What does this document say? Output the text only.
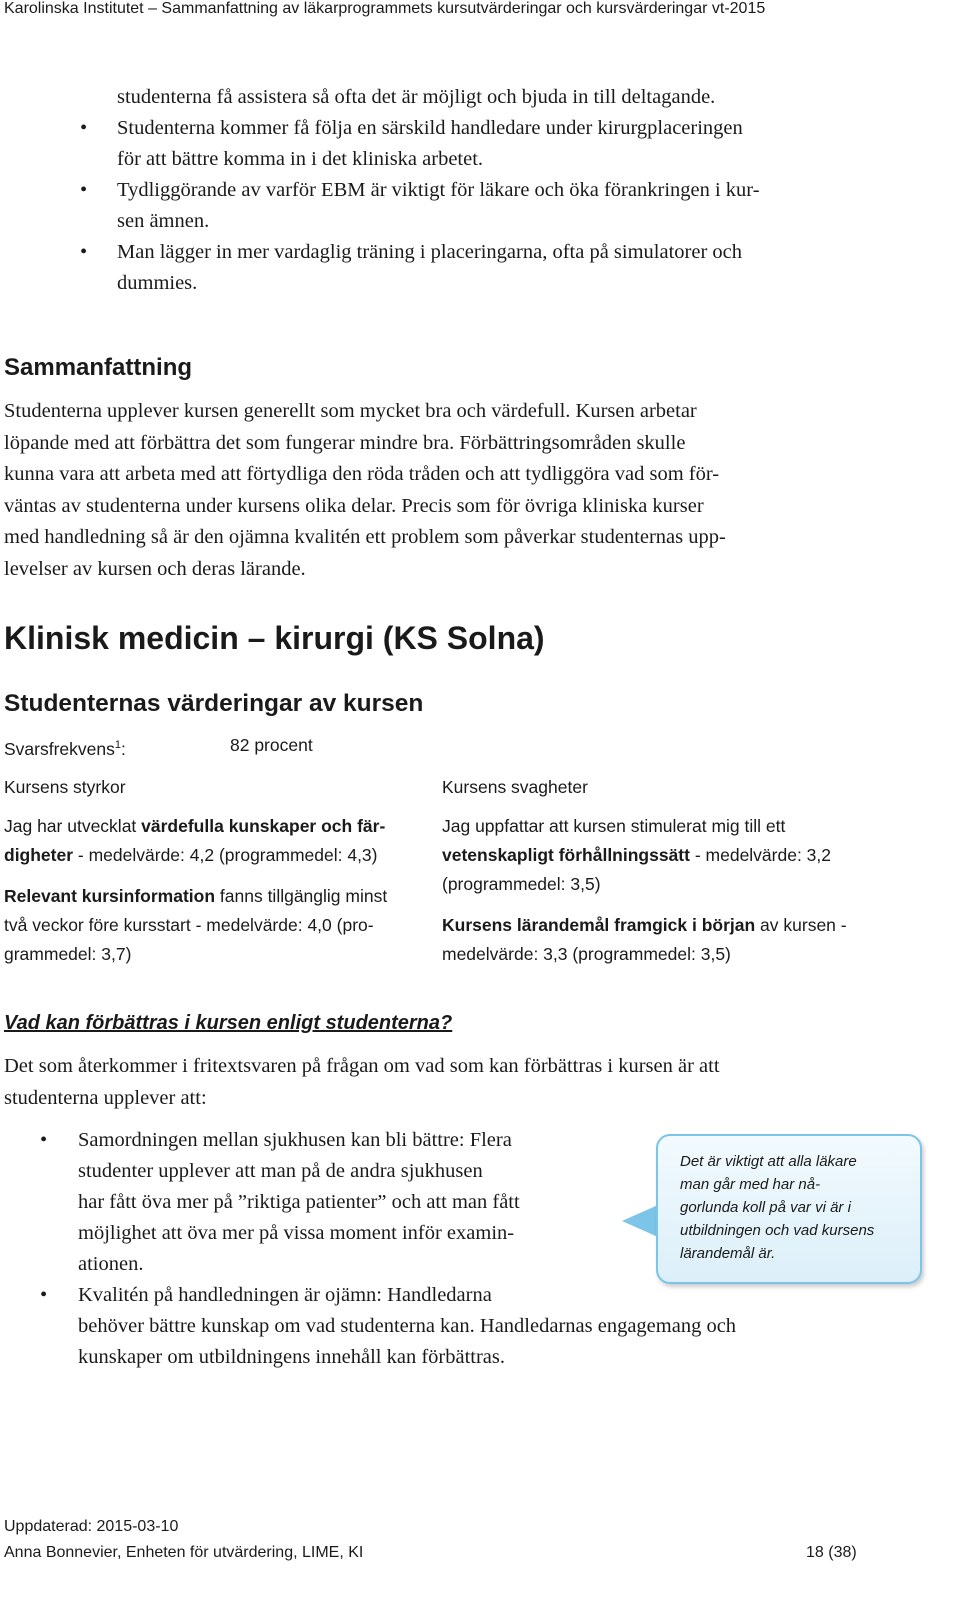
Karolinska Institutet – Sammanfattning av läkarprogrammets kursutvärderingar och kursvärderingar vt-2015
studenterna få assistera så ofta det är möjligt och bjuda in till deltagande.
• Studenterna kommer få följa en särskild handledare under kirurgplaceringen
för att bättre komma in i det kliniska arbetet.
• Tydliggörande av varför EBM är viktigt för läkare och öka förankringen i kur-
sen ämnen.
• Man lägger in mer vardaglig träning i placeringarna, ofta på simulatorer och
dummies.
Sammanfattning
Studenterna upplever kursen generellt som mycket bra och värdefull. Kursen arbetar
löpande med att förbättra det som fungerar mindre bra. Förbättringsområden skulle
kunna vara att arbeta med att förtydliga den röda tråden och att tydliggöra vad som för-
väntas av studenterna under kursens olika delar. Precis som för övriga kliniska kurser
med handledning så är den ojämna kvalitén ett problem som påverkar studenternas upp-
levelser av kursen och deras lärande.
Klinisk medicin – kirurgi (KS Solna)
Studenternas värderingar av kursen
Svarsfrekvens$^1$:	82 procent
Kursens styrkor	Kursens svagheter

Jag har utvecklat värdefulla kunskaper och fär-
digheter - medelvärde: 4,2 (programmedel: 4,3)

Relevant kursinformation fanns tillgänglig minst
två veckor före kursstart - medelvärde: 4,0 (pro-
grammedel: 3,7)

Jag uppfattar att kursen stimulerat mig till ett
vetenskapligt förhållningssätt - medelvärde: 3,2
(programmedel: 3,5)

Kursens lärandemål framgick i början av kursen -
medelvärde: 3,3 (programmedel: 3,5)

Vad kan förbättras i kursen enligt studenterna?
Det som återkommer i fritextsvaren på frågan om vad som kan förbättras i kursen är att
studenterna upplever att:
• Samordningen mellan sjukhusen kan bli bättre: Flera
studenter upplever att man på de andra sjukhusen
har fått öva mer på ”riktiga patienter” och att man fått
möjlighet att öva mer på vissa moment inför examin-
ationen.
• Kvalitén på handledningen är ojämn: Handledarna
behöver bättre kunskap om vad studenterna kan. Handledarnas engagemang och
kunskaper om utbildningens innehåll kan förbättras.
Det är viktigt att alla läkare
man går med har nå-
gorlunda koll på var vi är i
utbildningen och vad kursens
lärandemål är.
Uppdaterad: 2015-03-10
Anna Bonnevier, Enheten för utvärdering, LIME, KI	18 (38)
